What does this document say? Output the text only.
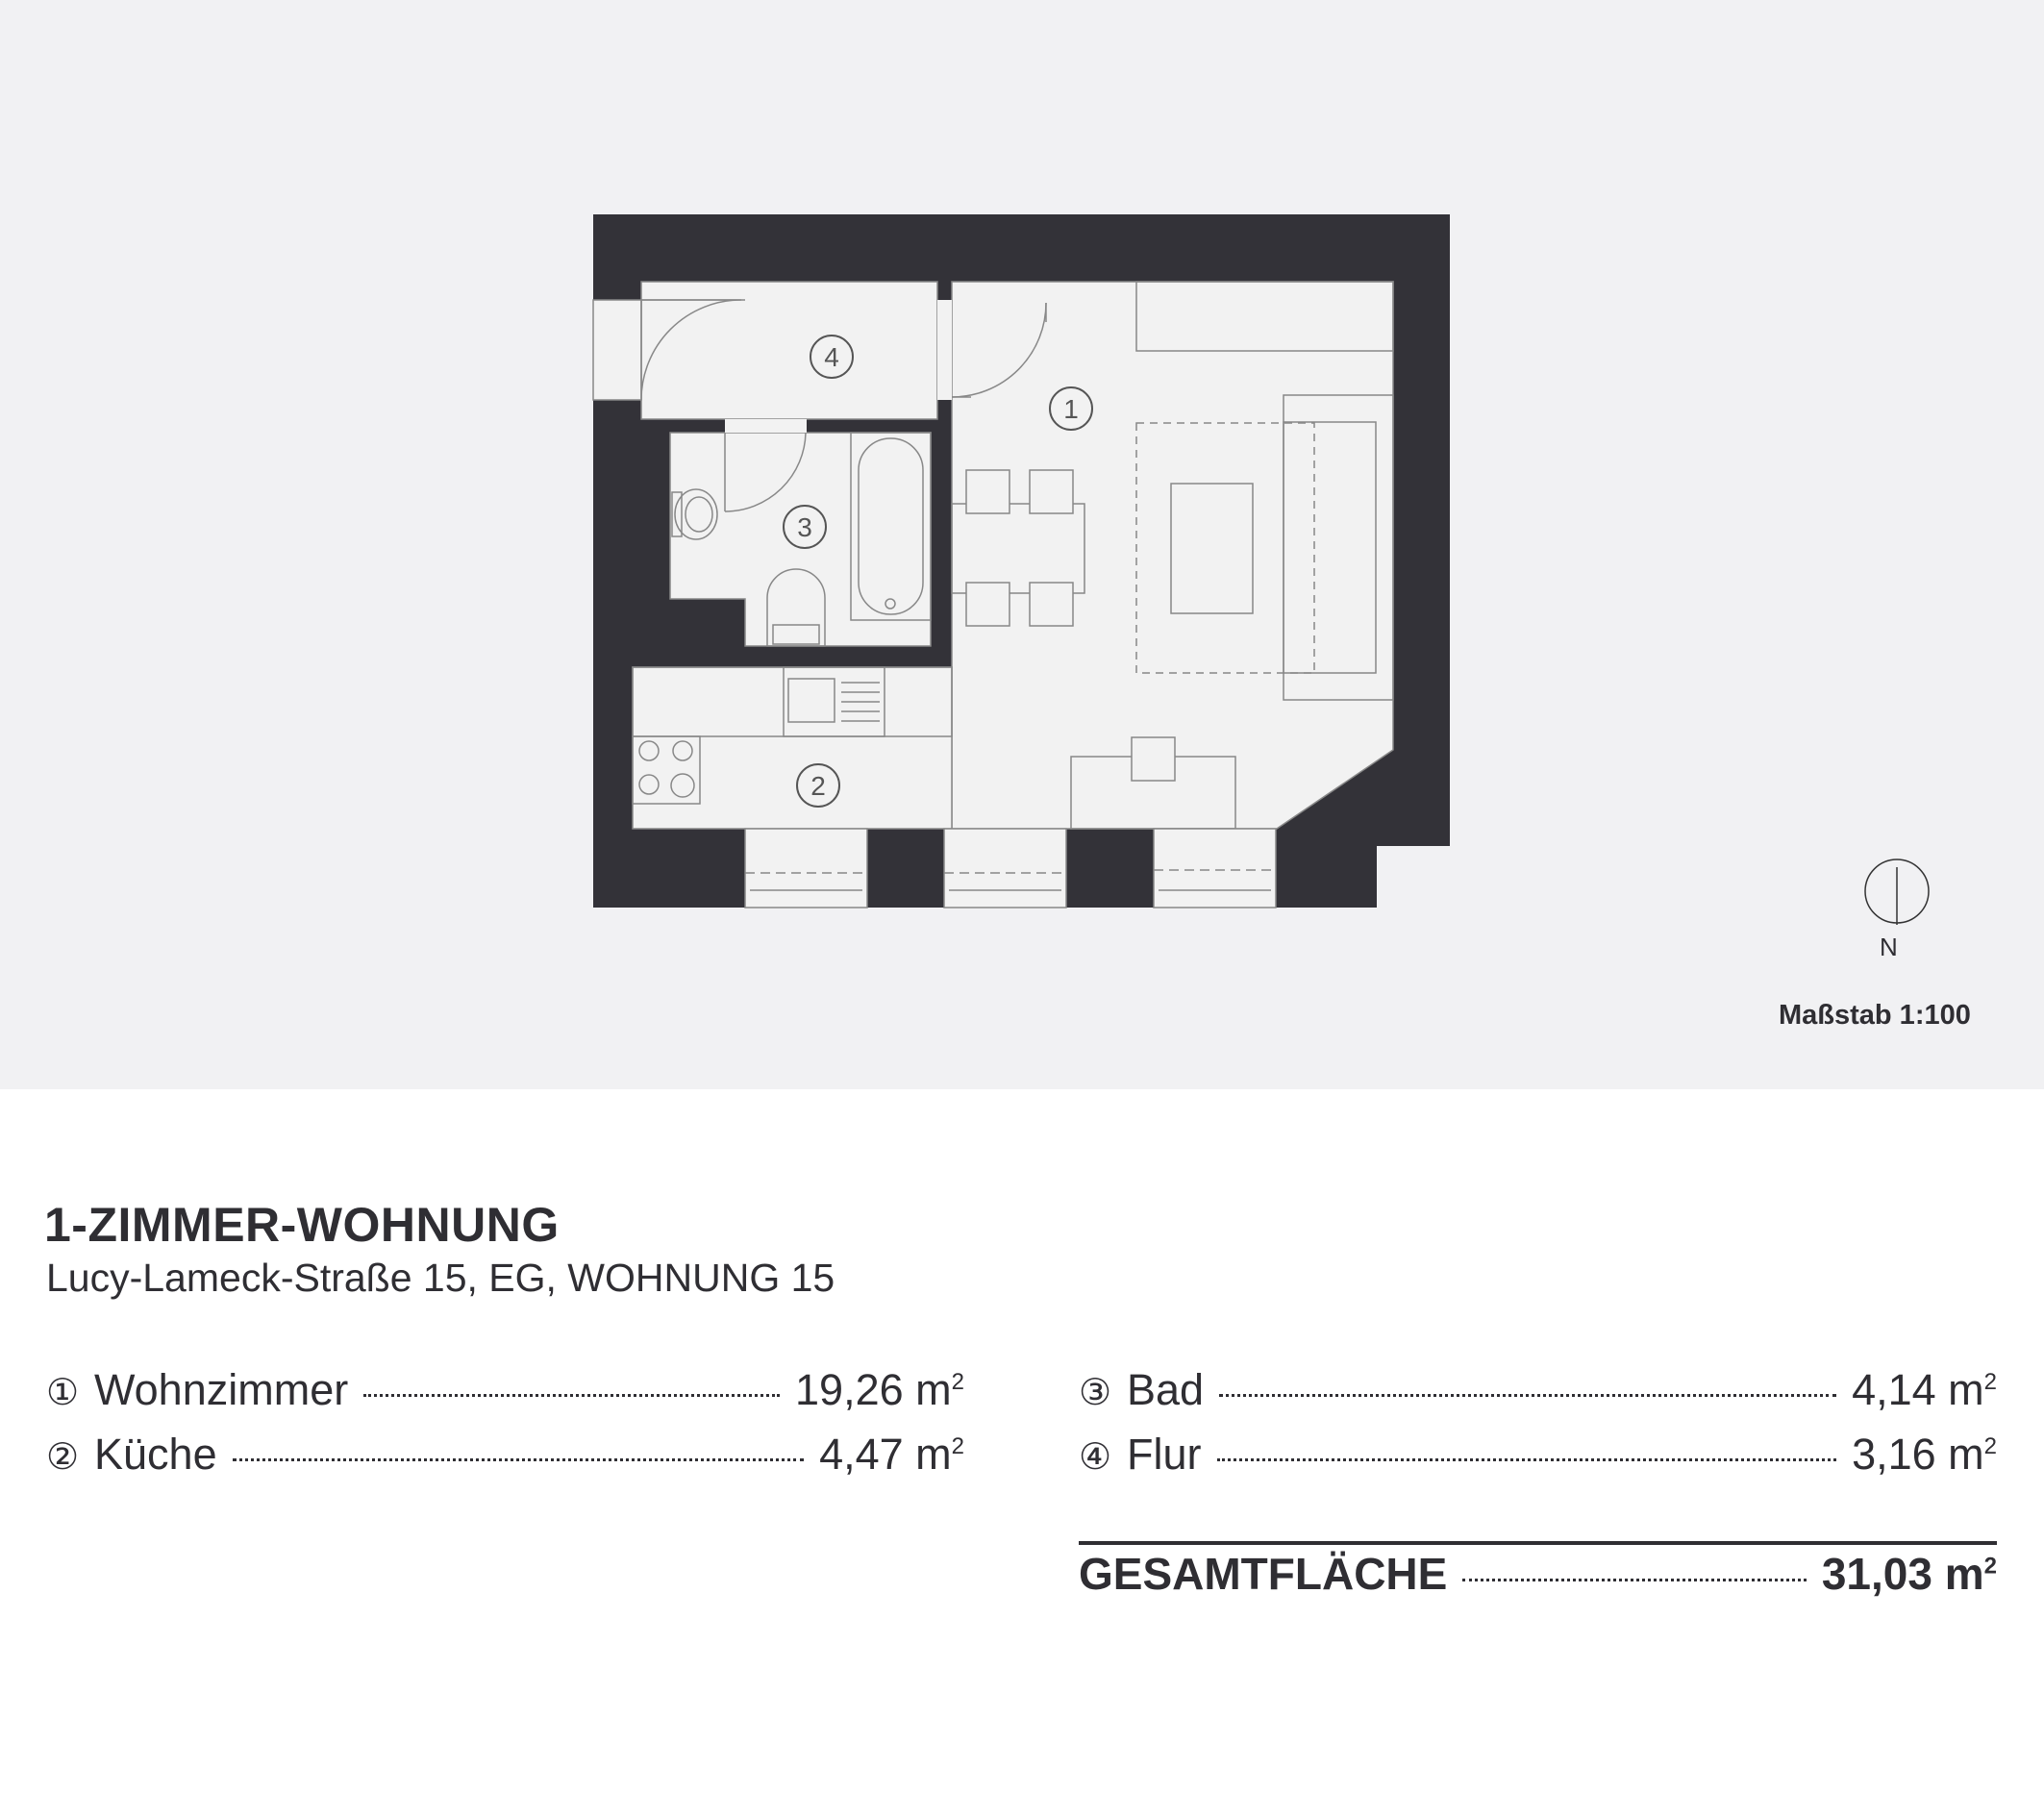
1
2
3
4
N
Maßstab 1:100
1-ZIMMER-WOHNUNG
Lucy-Lameck-Straße 15, EG, WOHNUNG 15
① Wohnzimmer	19,26 $m^2$
② Küche	4,47 $m^2$
③ Bad	4,14 $m^2$
④ Flur	3,16 $m^2$
GESAMTFLÄCHE	31,03 $m^2$
